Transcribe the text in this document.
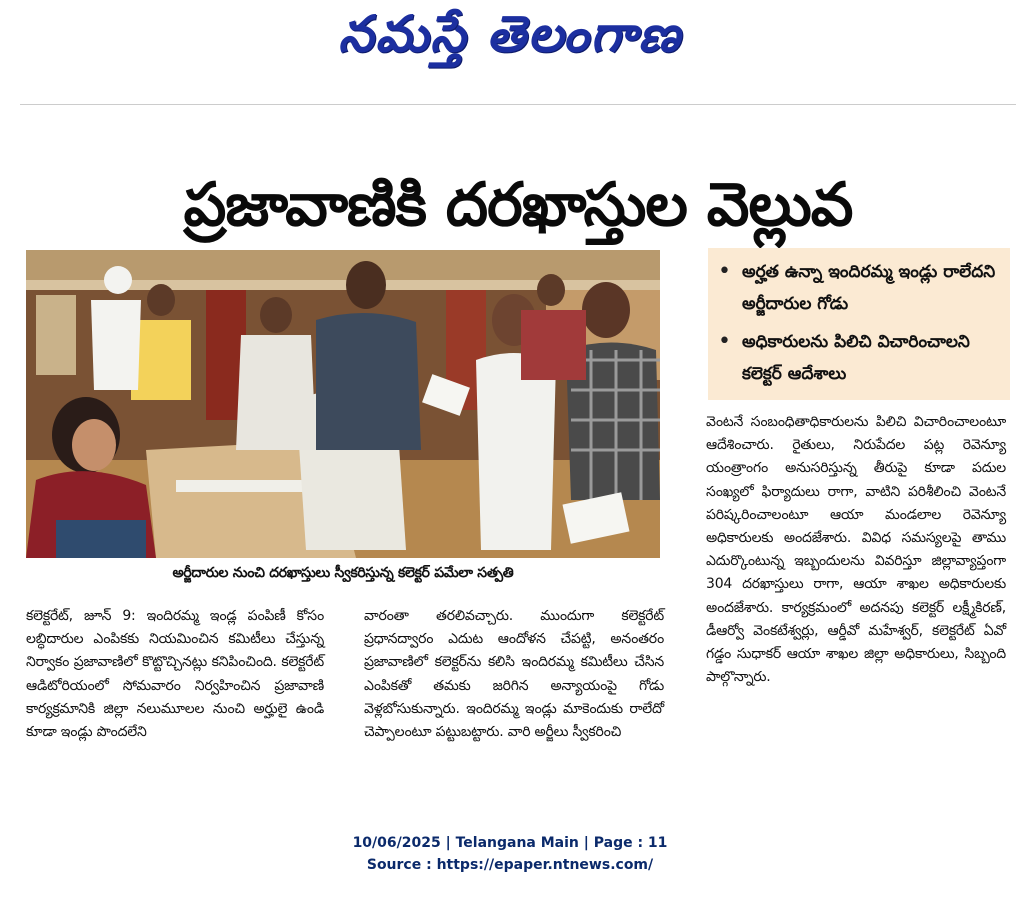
నమస్తే తెలంగాణ
ప్రజావాణికి దరఖాస్తుల వెల్లువ
అర్జీదారుల నుంచి దరఖాస్తులు స్వీకరిస్తున్న కలెక్టర్ పమేలా సత్పతి
• అర్హత ఉన్నా ఇందిరమ్మ ఇండ్లు రాలేదని అర్జీదారుల గోడు
• అధికారులను పిలిచి విచారించాలని కలెక్టర్ ఆదేశాలు

వెంటనే సంబంధితాధికారులను పిలిచి విచారించాలంటూ ఆదేశించారు. రైతులు, నిరుపేదల పట్ల రెవెన్యూ యంత్రాంగం అనుసరిస్తున్న తీరుపై కూడా పదుల సంఖ్యలో ఫిర్యాదులు రాగా, వాటిని పరిశీలించి వెంటనే పరిష్కరించాలంటూ ఆయా మండలాల రెవెన్యూ అధికారులకు అందజేశారు. వివిధ సమస్యలపై తాము ఎదుర్కొంటున్న ఇబ్బందులను వివరిస్తూ జిల్లావ్యాప్తంగా 304 దరఖాస్తులు రాగా, ఆయా శాఖల అధికారులకు అందజేశారు. కార్యక్రమంలో అదనపు కలెక్టర్ లక్ష్మీకిరణ్, డీఆర్వో వెంకటేశ్వర్లు, ఆర్డీవో మహేశ్వర్, కలెక్టరేట్ ఏవో గడ్డం సుధాకర్ ఆయా శాఖల జిల్లా అధికారులు, సిబ్బంది పాల్గొన్నారు.

కలెక్టరేట్, జూన్ 9: ఇందిరమ్మ ఇండ్ల పంపిణీ కోసం లబ్ధిదారుల ఎంపికకు నియమించిన కమిటీలు చేస్తున్న నిర్వాకం ప్రజావాణిలో కొట్టొచ్చినట్లు కనిపించింది. కలెక్టరేట్ ఆడిటోరియంలో సోమవారం నిర్వహించిన ప్రజావాణి కార్యక్రమానికి జిల్లా నలుమూలల నుంచి అర్హులై ఉండి కూడా ఇండ్లు పొందలేని

వారంతా తరలివచ్చారు. ముందుగా కలెక్టరేట్ ప్రధానద్వారం ఎదుట ఆందోళన చేపట్టి, అనంతరం ప్రజావాణిలో కలెక్టర్‌ను కలిసి ఇందిరమ్మ కమిటీలు చేసిన ఎంపికతో తమకు జరిగిన అన్యాయంపై గోడు వెళ్లబోసుకున్నారు. ఇందిరమ్మ ఇండ్లు మాకెందుకు రాలేదో చెప్పాలంటూ పట్టుబట్టారు. వారి అర్జీలు స్వీకరించి

10/06/2025 | Telangana Main | Page : 11
Source : https://epaper.ntnews.com/
